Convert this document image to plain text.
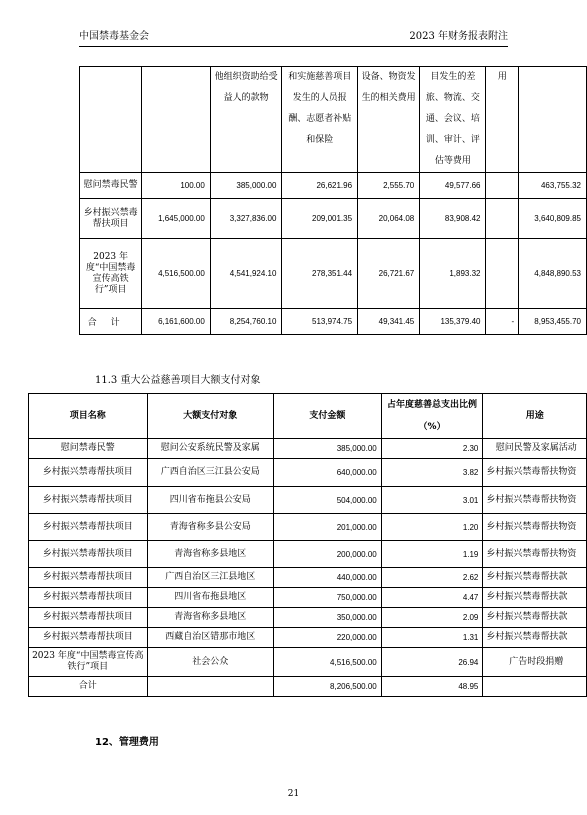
中国禁毒基金会	2023 年财务报表附注
		他组织资助给受益人的款物	和实施慈善项目发生的人员报酬、志愿者补贴和保险	设备、物资发生的相关费用	目发生的差旅、物流、交通、会议、培训、审计、评估等费用	用	
慰问禁毒民警	100.00	385,000.00	26,621.96	2,555.70	49,577.66		463,755.32
乡村振兴禁毒帮扶项目	1,645,000.00	3,327,836.00	209,001.35	20,064.08	83,908.42		3,640,809.85
2023 年度“中国禁毒宣传高铁行”项目	4,516,500.00	4,541,924.10	278,351.44	26,721.67	1,893.32		4,848,890.53
合计	6,161,600.00	8,254,760.10	513,974.75	49,341.45	135,379.40	-	8,953,455.70
11.3 重大公益慈善项目大额支付对象
项目名称	大额支付对象	支付金额	占年度慈善总支出比例（%）	用途
慰问禁毒民警	慰问公安系统民警及家属	385,000.00	2.30	慰问民警及家属活动
乡村振兴禁毒帮扶项目	广西自治区三江县公安局	640,000.00	3.82	乡村振兴禁毒帮扶物资
乡村振兴禁毒帮扶项目	四川省布拖县公安局	504,000.00	3.01	乡村振兴禁毒帮扶物资
乡村振兴禁毒帮扶项目	青海省称多县公安局	201,000.00	1.20	乡村振兴禁毒帮扶物资
乡村振兴禁毒帮扶项目	青海省称多县地区	200,000.00	1.19	乡村振兴禁毒帮扶物资
乡村振兴禁毒帮扶项目	广西自治区三江县地区	440,000.00	2.62	乡村振兴禁毒帮扶款
乡村振兴禁毒帮扶项目	四川省布拖县地区	750,000.00	4.47	乡村振兴禁毒帮扶款
乡村振兴禁毒帮扶项目	青海省称多县地区	350,000.00	2.09	乡村振兴禁毒帮扶款
乡村振兴禁毒帮扶项目	西藏自治区错那市地区	220,000.00	1.31	乡村振兴禁毒帮扶款
2023 年度“中国禁毒宣传高铁行”项目	社会公众	4,516,500.00	26.94	广告时段捐赠
合计		8,206,500.00	48.95	
12、管理费用
21
